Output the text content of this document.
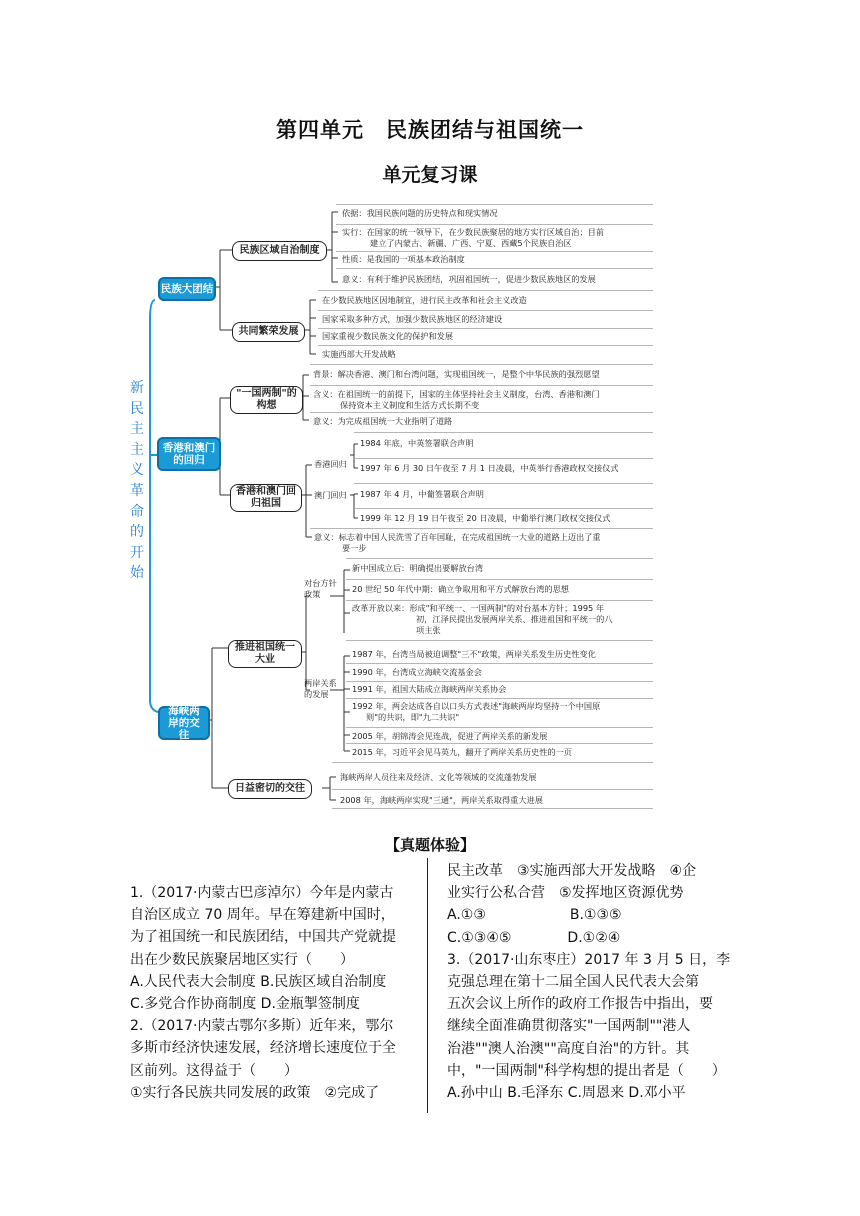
第四单元　民族团结与祖国统一
单元复习课
新
民
主
主
义
革
命
的
开
始
民族大团结
香港和澳门的回归
海峡两岸的交往
民族区域自治制度
共同繁荣发展
"一国两制"的构想
香港和澳门回归祖国
推进祖国统一大业
日益密切的交往
香港回归
澳门回归
对台方针政策
两岸关系的发展
依据：我国民族问题的历史特点和现实情况
实行：在国家的统一领导下，在少数民族聚居的地方实行区域自治；目前
建立了内蒙古、新疆、广西、宁夏、西藏5个民族自治区
性质：是我国的一项基本政治制度
意义：有利于维护民族团结，巩固祖国统一，促进少数民族地区的发展
在少数民族地区因地制宜，进行民主改革和社会主义改造
国家采取多种方式，加强少数民族地区的经济建设
国家重视少数民族文化的保护和发展
实施西部大开发战略
背景：解决香港、澳门和台湾问题，实现祖国统一，是整个中华民族的强烈愿望
含义：在祖国统一的前提下，国家的主体坚持社会主义制度，台湾、香港和澳门
保持资本主义制度和生活方式长期不变
意义：为完成祖国统一大业指明了道路
1984 年底，中英签署联合声明
1997 年 6 月 30 日午夜至 7 月 1 日凌晨，中英举行香港政权交接仪式
1987 年 4 月，中葡签署联合声明
1999 年 12 月 19 日午夜至 20 日凌晨，中葡举行澳门政权交接仪式
意义：标志着中国人民洗雪了百年国耻，在完成祖国统一大业的道路上迈出了重
要一步
新中国成立后：明确提出要解放台湾
20 世纪 50 年代中期：确立争取用和平方式解放台湾的思想
改革开放以来：形成"和平统一、一国两制"的对台基本方针；1995 年
初，江泽民提出发展两岸关系、推进祖国和平统一的八
项主张
1987 年，台湾当局被迫调整"三不"政策，两岸关系发生历史性变化
1990 年，台湾成立海峡交流基金会
1991 年，祖国大陆成立海峡两岸关系协会
1992 年，两会达成各自以口头方式表述"海峡两岸均坚持一个中国原
则"的共识，即"九二共识"
2005 年，胡锦涛会见连战，促进了两岸关系的新发展
2015 年，习近平会见马英九，翻开了两岸关系历史性的一页
海峡两岸人员往来及经济、文化等领域的交流蓬勃发展
2008 年，海峡两岸实现"三通"，两岸关系取得重大进展
【真题体验】
1.（2017·内蒙古巴彦淖尔）今年是内蒙古
自治区成立 70 周年。早在筹建新中国时，
为了祖国统一和民族团结，中国共产党就提
出在少数民族聚居地区实行（　　）
A.人民代表大会制度 B.民族区域自治制度
C.多党合作协商制度 D.金瓶掣签制度
2.（2017·内蒙古鄂尔多斯）近年来，鄂尔
多斯市经济快速发展，经济增长速度位于全
区前列。这得益于（　　）
①实行各民族共同发展的政策　②完成了
民主改革　③实施西部大开发战略　④企
业实行公私合营　⑤发挥地区资源优势
A.①③　　　　　　B.①③⑤
C.①③④⑤　　　　D.①②④
3.（2017·山东枣庄）2017 年 3 月 5 日，李
克强总理在第十二届全国人民代表大会第
五次会议上所作的政府工作报告中指出，要
继续全面准确贯彻落实"一国两制""港人
治港""澳人治澳""高度自治"的方针。其
中，"一国两制"科学构想的提出者是（　　）
A.孙中山 B.毛泽东 C.周恩来 D.邓小平
